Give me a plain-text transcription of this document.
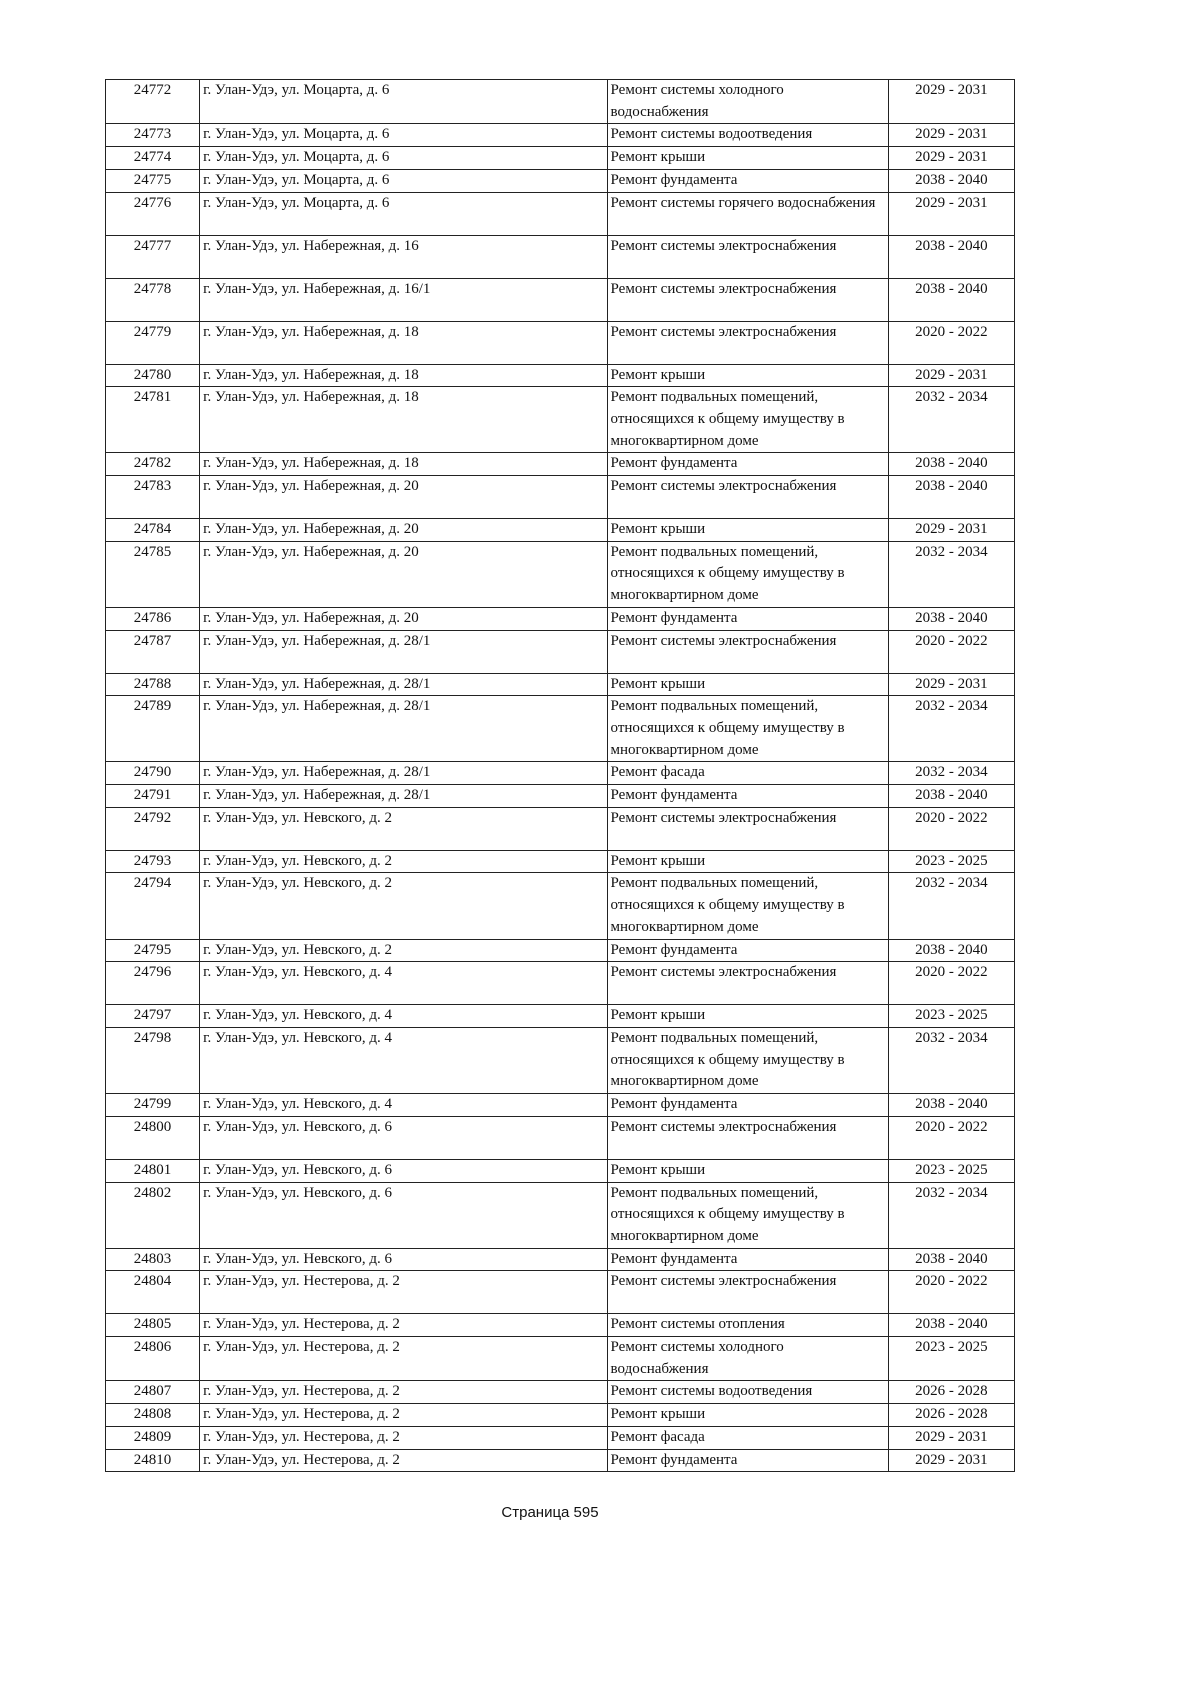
24772	г. Улан-Удэ, ул. Моцарта, д. 6	Ремонт системы холодного водоснабжения	2029 - 2031
24773	г. Улан-Удэ, ул. Моцарта, д. 6	Ремонт системы водоотведения	2029 - 2031
24774	г. Улан-Удэ, ул. Моцарта, д. 6	Ремонт крыши	2029 - 2031
24775	г. Улан-Удэ, ул. Моцарта, д. 6	Ремонт фундамента	2038 - 2040
24776	г. Улан-Удэ, ул. Моцарта, д. 6	Ремонт системы горячего водоснабжения	2029 - 2031
24777	г. Улан-Удэ, ул. Набережная, д. 16	Ремонт системы электроснабжения	2038 - 2040
24778	г. Улан-Удэ, ул. Набережная, д. 16/1	Ремонт системы электроснабжения	2038 - 2040
24779	г. Улан-Удэ, ул. Набережная, д. 18	Ремонт системы электроснабжения	2020 - 2022
24780	г. Улан-Удэ, ул. Набережная, д. 18	Ремонт крыши	2029 - 2031
24781	г. Улан-Удэ, ул. Набережная, д. 18	Ремонт подвальных помещений, относящихся к общему имуществу в многоквартирном доме	2032 - 2034
24782	г. Улан-Удэ, ул. Набережная, д. 18	Ремонт фундамента	2038 - 2040
24783	г. Улан-Удэ, ул. Набережная, д. 20	Ремонт системы электроснабжения	2038 - 2040
24784	г. Улан-Удэ, ул. Набережная, д. 20	Ремонт крыши	2029 - 2031
24785	г. Улан-Удэ, ул. Набережная, д. 20	Ремонт подвальных помещений, относящихся к общему имуществу в многоквартирном доме	2032 - 2034
24786	г. Улан-Удэ, ул. Набережная, д. 20	Ремонт фундамента	2038 - 2040
24787	г. Улан-Удэ, ул. Набережная, д. 28/1	Ремонт системы электроснабжения	2020 - 2022
24788	г. Улан-Удэ, ул. Набережная, д. 28/1	Ремонт крыши	2029 - 2031
24789	г. Улан-Удэ, ул. Набережная, д. 28/1	Ремонт подвальных помещений, относящихся к общему имуществу в многоквартирном доме	2032 - 2034
24790	г. Улан-Удэ, ул. Набережная, д. 28/1	Ремонт фасада	2032 - 2034
24791	г. Улан-Удэ, ул. Набережная, д. 28/1	Ремонт фундамента	2038 - 2040
24792	г. Улан-Удэ, ул. Невского, д. 2	Ремонт системы электроснабжения	2020 - 2022
24793	г. Улан-Удэ, ул. Невского, д. 2	Ремонт крыши	2023 - 2025
24794	г. Улан-Удэ, ул. Невского, д. 2	Ремонт подвальных помещений, относящихся к общему имуществу в многоквартирном доме	2032 - 2034
24795	г. Улан-Удэ, ул. Невского, д. 2	Ремонт фундамента	2038 - 2040
24796	г. Улан-Удэ, ул. Невского, д. 4	Ремонт системы электроснабжения	2020 - 2022
24797	г. Улан-Удэ, ул. Невского, д. 4	Ремонт крыши	2023 - 2025
24798	г. Улан-Удэ, ул. Невского, д. 4	Ремонт подвальных помещений, относящихся к общему имуществу в многоквартирном доме	2032 - 2034
24799	г. Улан-Удэ, ул. Невского, д. 4	Ремонт фундамента	2038 - 2040
24800	г. Улан-Удэ, ул. Невского, д. 6	Ремонт системы электроснабжения	2020 - 2022
24801	г. Улан-Удэ, ул. Невского, д. 6	Ремонт крыши	2023 - 2025
24802	г. Улан-Удэ, ул. Невского, д. 6	Ремонт подвальных помещений, относящихся к общему имуществу в многоквартирном доме	2032 - 2034
24803	г. Улан-Удэ, ул. Невского, д. 6	Ремонт фундамента	2038 - 2040
24804	г. Улан-Удэ, ул. Нестерова, д. 2	Ремонт системы электроснабжения	2020 - 2022
24805	г. Улан-Удэ, ул. Нестерова, д. 2	Ремонт системы отопления	2038 - 2040
24806	г. Улан-Удэ, ул. Нестерова, д. 2	Ремонт системы холодного водоснабжения	2023 - 2025
24807	г. Улан-Удэ, ул. Нестерова, д. 2	Ремонт системы водоотведения	2026 - 2028
24808	г. Улан-Удэ, ул. Нестерова, д. 2	Ремонт крыши	2026 - 2028
24809	г. Улан-Удэ, ул. Нестерова, д. 2	Ремонт фасада	2029 - 2031
24810	г. Улан-Удэ, ул. Нестерова, д. 2	Ремонт фундамента	2029 - 2031
Страница 595
